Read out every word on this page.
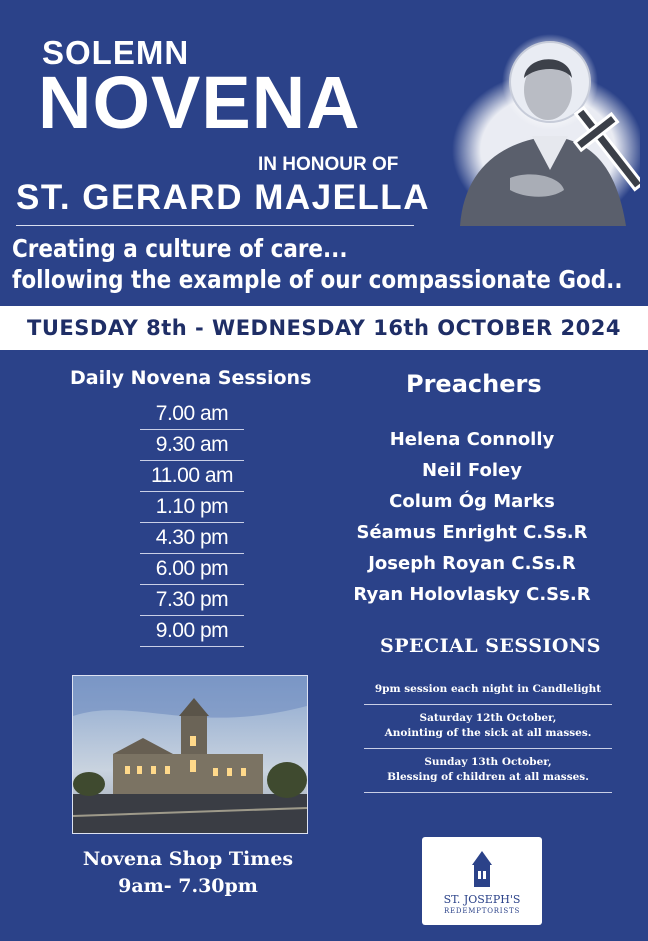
SOLEMN
NOVENA
IN HONOUR OF
ST. GERARD MAJELLA
Creating a culture of care...
following the example of our compassionate God..
TUESDAY 8th - WEDNESDAY 16th OCTOBER 2024
Daily Novena Sessions
7.00 am
9.30 am
11.00 am
1.10 pm
4.30 pm
6.00 pm
7.30 pm
9.00 pm
Preachers
Helena Connolly
Neil Foley
Colum Óg Marks
Séamus Enright C.Ss.R
Joseph Royan C.Ss.R
Ryan Holovlasky C.Ss.R
SPECIAL SESSIONS
9pm session each night in Candlelight
Saturday 12th October,
Anointing of the sick at all masses.
Sunday 13th October,
Blessing of children at all masses.
Novena Shop Times
9am- 7.30pm
ST. JOSEPH'S
REDEMPTORISTS
